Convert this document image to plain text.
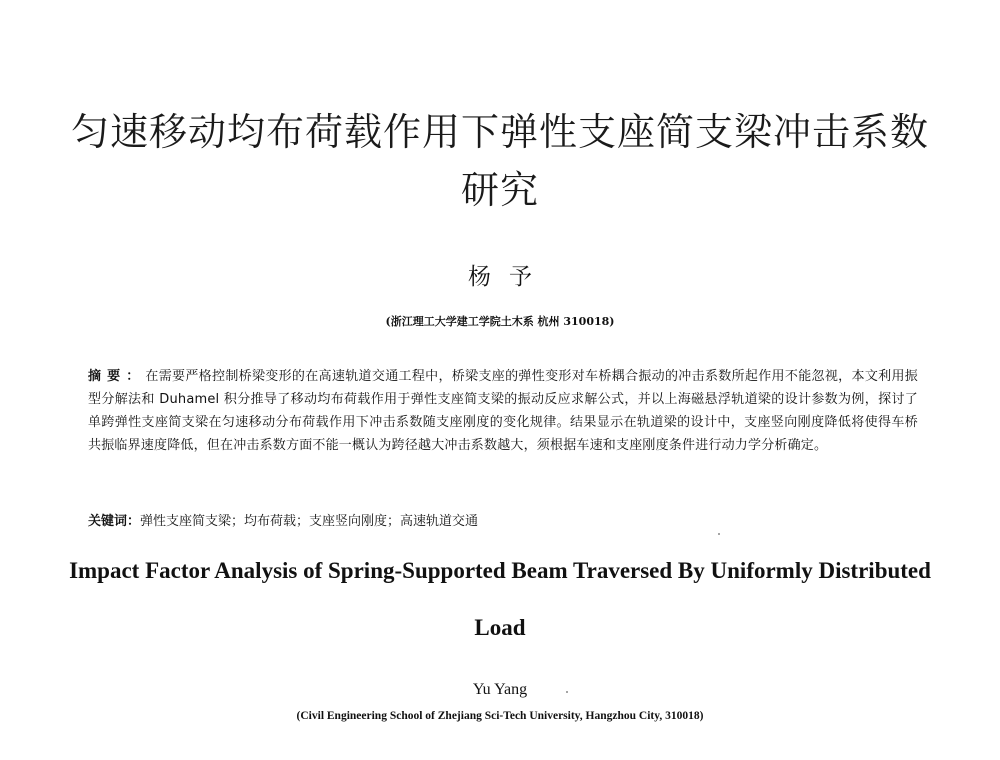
匀速移动均布荷载作用下弹性支座简支梁冲击系数研究
杨予
(浙江理工大学建工学院土木系 杭州 310018)
摘要：在需要严格控制桥梁变形的在高速轨道交通工程中，桥梁支座的弹性变形对车桥耦合振动的冲击系数所起作用不能忽视，本文利用振型分解法和 Duhamel 积分推导了移动均布荷载作用于弹性支座简支梁的振动反应求解公式，并以上海磁悬浮轨道梁的设计参数为例，探讨了单跨弹性支座简支梁在匀速移动分布荷载作用下冲击系数随支座刚度的变化规律。结果显示在轨道梁的设计中，支座竖向刚度降低将使得车桥共振临界速度降低，但在冲击系数方面不能一概认为跨径越大冲击系数越大，须根据车速和支座刚度条件进行动力学分析确定。
关键词：弹性支座简支梁；均布荷载；支座竖向刚度；高速轨道交通
Impact Factor Analysis of Spring-Supported Beam Traversed By Uniformly Distributed Load
Yu Yang
(Civil Engineering School of Zhejiang Sci-Tech University, Hangzhou City, 310018)
